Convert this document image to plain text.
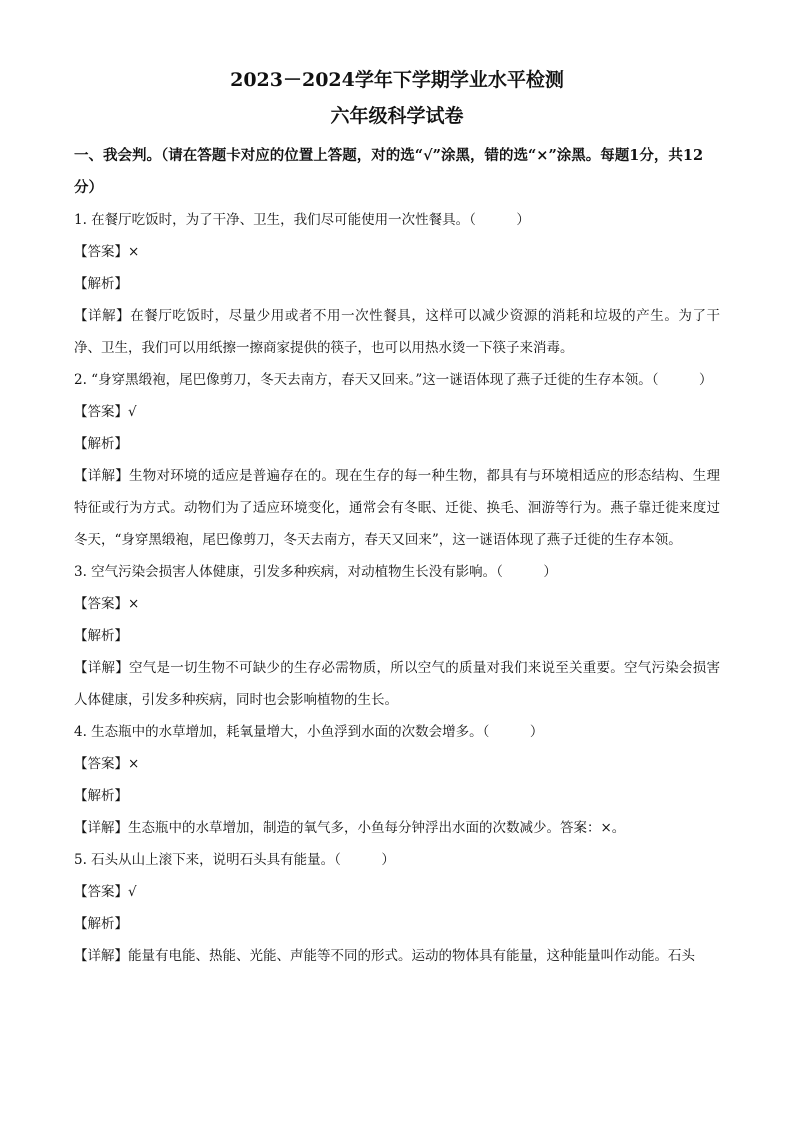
2023－2024学年下学期学业水平检测
六年级科学试卷

一、我会判。（请在答题卡对应的位置上答题，对的选“√”涂黑，错的选“×”涂黑。每题1分，共12分）

1. 在餐厅吃饭时，为了干净、卫生，我们尽可能使用一次性餐具。（　　　）

【答案】×

【解析】

【详解】在餐厅吃饭时，尽量少用或者不用一次性餐具，这样可以减少资源的消耗和垃圾的产生。为了干净、卫生，我们可以用纸擦一擦商家提供的筷子，也可以用热水烫一下筷子来消毒。

2. “身穿黑缎袍，尾巴像剪刀，冬天去南方，春天又回来。”这一谜语体现了燕子迁徙的生存本领。（　　　）

【答案】√

【解析】

【详解】生物对环境的适应是普遍存在的。现在生存的每一种生物，都具有与环境相适应的形态结构、生理特征或行为方式。动物们为了适应环境变化，通常会有冬眠、迁徙、换毛、洄游等行为。燕子靠迁徙来度过冬天，“身穿黑缎袍，尾巴像剪刀，冬天去南方，春天又回来”，这一谜语体现了燕子迁徙的生存本领。

3. 空气污染会损害人体健康，引发多种疾病，对动植物生长没有影响。（　　　）

【答案】×

【解析】

【详解】空气是一切生物不可缺少的生存必需物质，所以空气的质量对我们来说至关重要。空气污染会损害人体健康，引发多种疾病，同时也会影响植物的生长。

4. 生态瓶中的水草增加，耗氧量增大，小鱼浮到水面的次数会增多。（　　　）

【答案】×

【解析】

【详解】生态瓶中的水草增加，制造的氧气多，小鱼每分钟浮出水面的次数减少。答案：×。

5. 石头从山上滚下来，说明石头具有能量。（　　　）

【答案】√

【解析】

【详解】能量有电能、热能、光能、声能等不同的形式。运动的物体具有能量，这种能量叫作动能。石头
